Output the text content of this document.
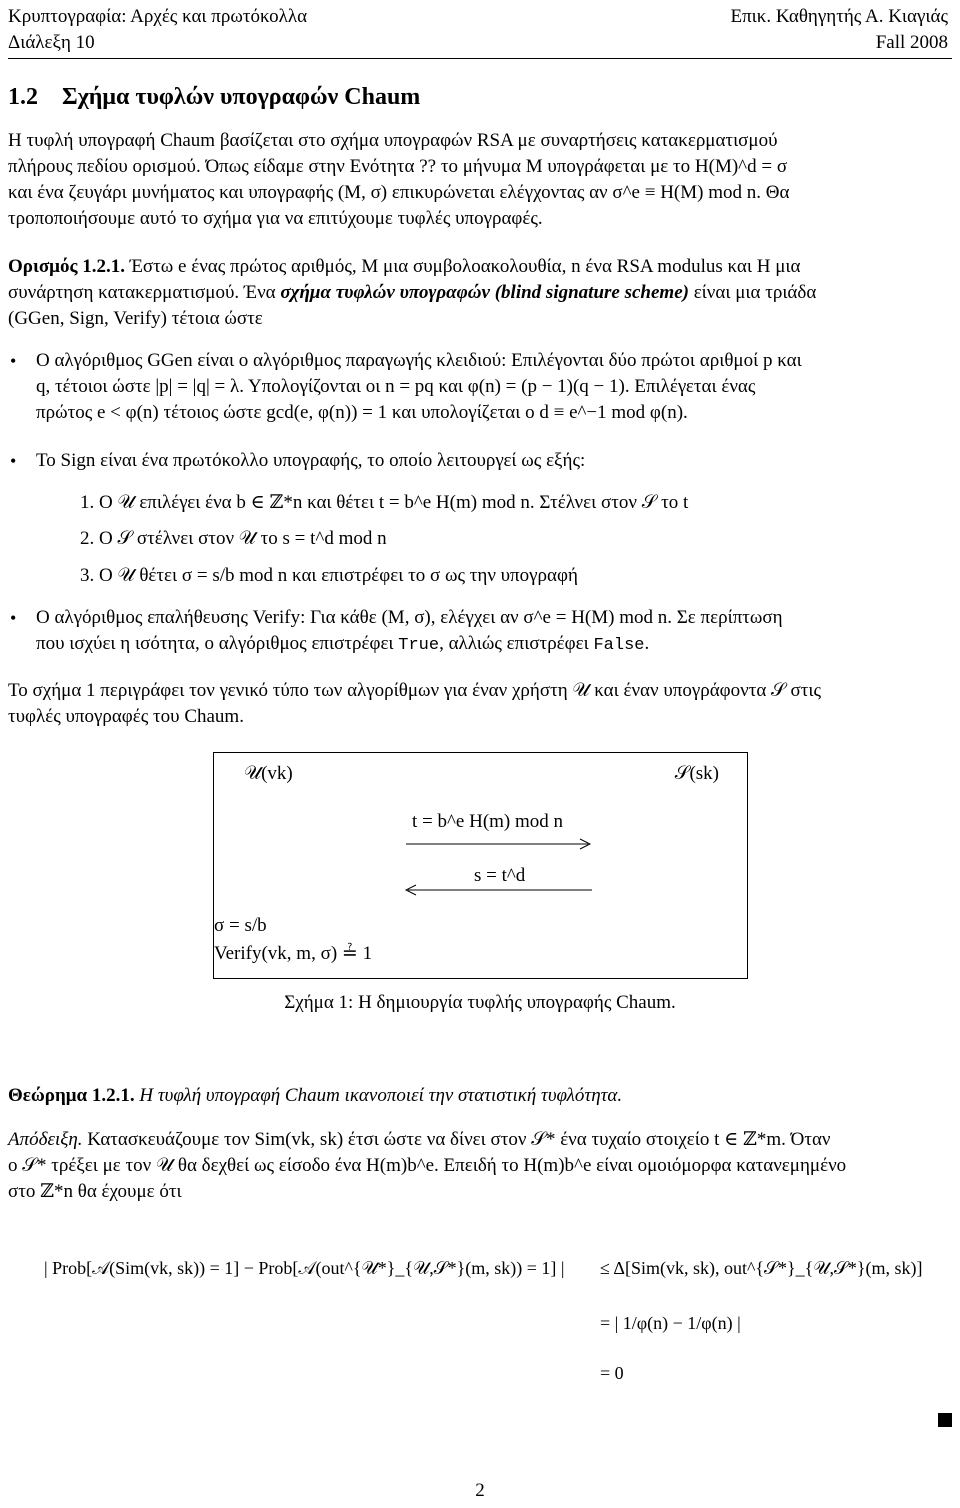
Κρυπτογραφία: Αρχές και πρωτόκολλα
Διάλεξη 10
Επικ. Καθηγητής Α. Κιαγιάς
Fall 2008
1.2 Σχήμα τυφλών υπογραφών Chaum
Η τυφλή υπογραφή Chaum βασίζεται στο σχήμα υπογραφών RSA με συναρτήσεις κατακερματισμού
πλήρους πεδίου ορισμού. Όπως είδαμε στην Ενότητα ?? το μήνυμα M υπογράφεται με το H(M)^d = σ
και ένα ζευγάρι μυνήματος και υπογραφής (M, σ) επικυρώνεται ελέγχοντας αν σ^e ≡ H(M) mod n. Θα
τροποποιήσουμε αυτό το σχήμα για να επιτύχουμε τυφλές υπογραφές.
Ορισμός 1.2.1. Έστω e ένας πρώτος αριθμός, M μια συμβολοακολουθία, n ένα RSA modulus και H μια
συνάρτηση κατακερματισμού. Ένα σχήμα τυφλών υπογραφών (blind signature scheme) είναι μια τριάδα
(GGen, Sign, Verify) τέτοια ώστε
• Ο αλγόριθμος GGen είναι ο αλγόριθμος παραγωγής κλειδιού: Επιλέγονται δύο πρώτοι αριθμοί p και
q, τέτοιοι ώστε |p| = |q| = λ. Υπολογίζονται οι n = pq και φ(n) = (p − 1)(q − 1). Επιλέγεται ένας
πρώτος e < φ(n) τέτοιος ώστε gcd(e, φ(n)) = 1 και υπολογίζεται ο d ≡ e^−1 mod φ(n).
• Το Sign είναι ένα πρωτόκολλο υπογραφής, το οποίο λειτουργεί ως εξής:
1. Ο 𝒰 επιλέγει ένα b ∈ ℤ*n και θέτει t = b^e H(m) mod n. Στέλνει στον 𝒮 το t
2. Ο 𝒮 στέλνει στον 𝒰 το s = t^d mod n
3. Ο 𝒰 θέτει σ = s/b mod n και επιστρέφει το σ ως την υπογραφή
• Ο αλγόριθμος επαλήθευσης Verify: Για κάθε (M, σ), ελέγχει αν σ^e = H(M) mod n. Σε περίπτωση
που ισχύει η ισότητα, ο αλγόριθμος επιστρέφει True, αλλιώς επιστρέφει False.
Το σχήμα 1 περιγράφει τον γενικό τύπο των αλγορίθμων για έναν χρήστη 𝒰 και έναν υπογράφοντα 𝒮 στις
τυφλές υπογραφές του Chaum.
𝒰(vk)	𝒮(sk)
t = b^e H(m) mod n
s = t^d
σ = s/b
Verify(vk, m, σ) ≟ 1
Σχήμα 1: Η δημιουργία τυφλής υπογραφής Chaum.
Θεώρημα 1.2.1. Η τυφλή υπογραφή Chaum ικανοποιεί την στατιστική τυφλότητα.
Απόδειξη. Κατασκευάζουμε τον Sim(vk, sk) έτσι ώστε να δίνει στον 𝒮* ένα τυχαίο στοιχείο t ∈ ℤ*m. Όταν
ο 𝒮* τρέξει με τον 𝒰 θα δεχθεί ως είσοδο ένα H(m)b^e. Επειδή το H(m)b^e είναι ομοιόμορφα κατανεμημένο
στο ℤ*n θα έχουμε ότι
| Prob[𝒜(Sim(vk, sk)) = 1] − Prob[𝒜(out^{𝒰*}_{𝒰,𝒮*}(m, sk)) = 1] | ≤ Δ[Sim(vk, sk), out^{𝒮*}_{𝒰,𝒮*}(m, sk)]
= | 1/φ(n) − 1/φ(n) |
= 0
2
